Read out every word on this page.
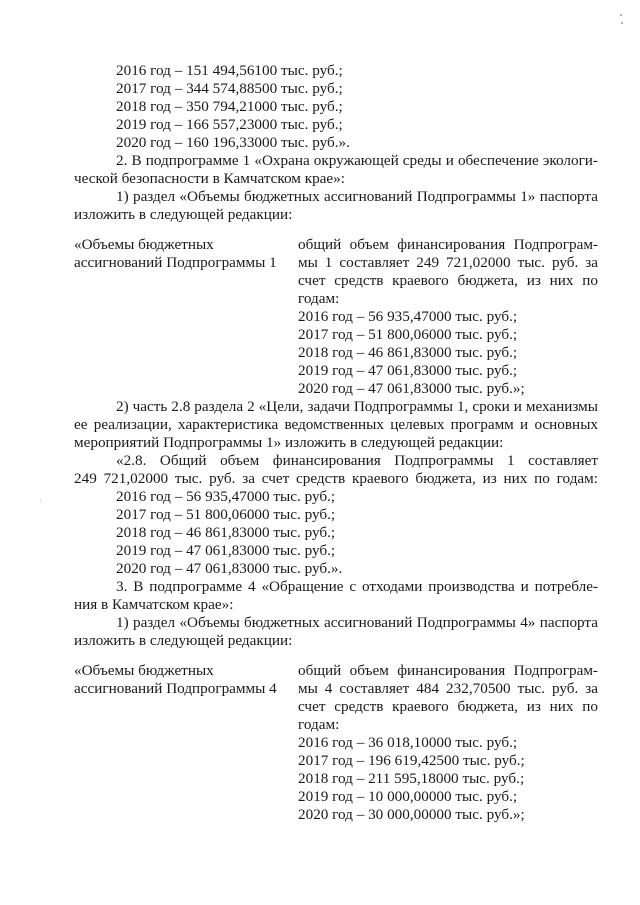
2016 год – 151 494,56100 тыс. руб.;
2017 год – 344 574,88500 тыс. руб.;
2018 год – 350 794,21000 тыс. руб.;
2019 год – 166 557,23000 тыс. руб.;
2020 год – 160 196,33000 тыс. руб.».
2. В подпрограмме 1 «Охрана окружающей среды и обеспечение экологи-
ческой безопасности в Камчатском крае»:
1) раздел «Объемы бюджетных ассигнований Подпрограммы 1» паспорта
изложить в следующей редакции:
«Объемы бюджетных
ассигнований Подпрограммы 1
общий объем финансирования Подпрограм-
мы 1 составляет 249 721,02000 тыс. руб. за
счет средств краевого бюджета, из них по
годам:
2016 год – 56 935,47000 тыс. руб.;
2017 год – 51 800,06000 тыс. руб.;
2018 год – 46 861,83000 тыс. руб.;
2019 год – 47 061,83000 тыс. руб.;
2020 год – 47 061,83000 тыс. руб.»;
2) часть 2.8 раздела 2 «Цели, задачи Подпрограммы 1, сроки и механизмы
ее реализации, характеристика ведомственных целевых программ и основных
мероприятий Подпрограммы 1» изложить в следующей редакции:
«2.8. Общий объем финансирования Подпрограммы 1 составляет
249 721,02000 тыс. руб. за счет средств краевого бюджета, из них по годам:
2016 год – 56 935,47000 тыс. руб.;
2017 год – 51 800,06000 тыс. руб.;
2018 год – 46 861,83000 тыс. руб.;
2019 год – 47 061,83000 тыс. руб.;
2020 год – 47 061,83000 тыс. руб.».
3. В подпрограмме 4 «Обращение с отходами производства и потребле-
ния в Камчатском крае»:
1) раздел «Объемы бюджетных ассигнований Подпрограммы 4» паспорта
изложить в следующей редакции:
«Объемы бюджетных
ассигнований Подпрограммы 4
общий объем финансирования Подпрограм-
мы 4 составляет 484 232,70500 тыс. руб. за
счет средств краевого бюджета, из них по
годам:
2016 год – 36 018,10000 тыс. руб.;
2017 год – 196 619,42500 тыс. руб.;
2018 год – 211 595,18000 тыс. руб.;
2019 год – 10 000,00000 тыс. руб.;
2020 год – 30 000,00000 тыс. руб.»;
